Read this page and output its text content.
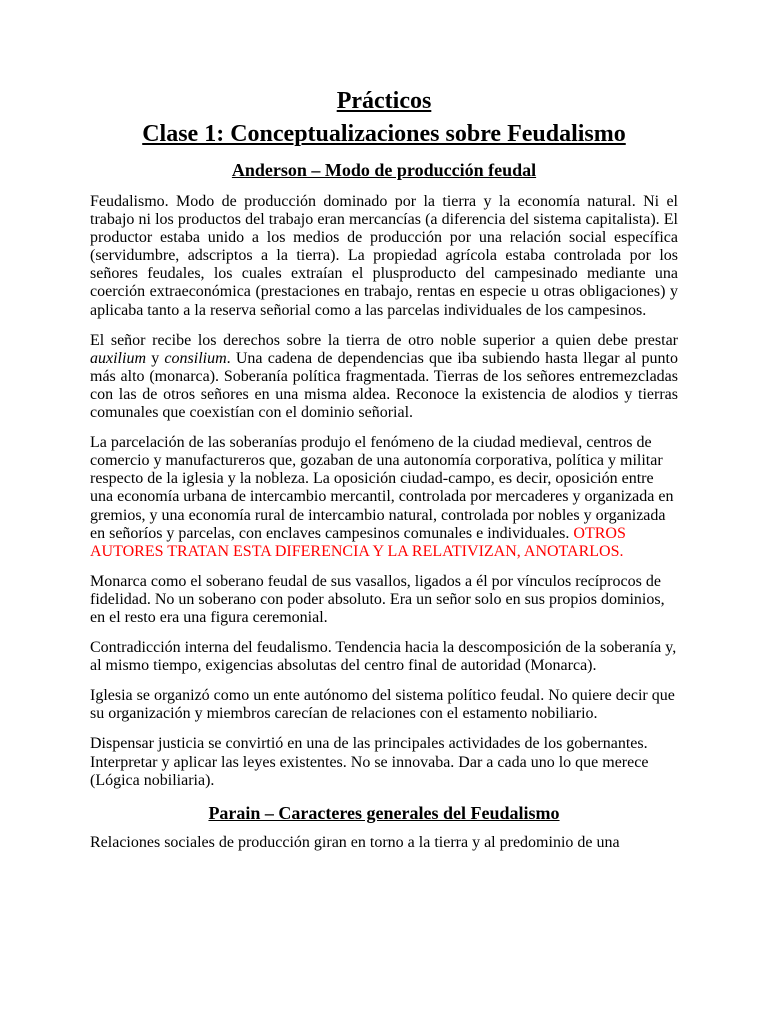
Prácticos
Clase 1: Conceptualizaciones sobre Feudalismo
Anderson – Modo de producción feudal

Feudalismo. Modo de producción dominado por la tierra y la economía natural. Ni el trabajo ni los productos del trabajo eran mercancías (a diferencia del sistema capitalista). El productor estaba unido a los medios de producción por una relación social específica (servidumbre, adscriptos a la tierra). La propiedad agrícola estaba controlada por los señores feudales, los cuales extraían el plusproducto del campesinado mediante una coerción extraeconómica (prestaciones en trabajo, rentas en especie u otras obligaciones) y aplicaba tanto a la reserva señorial como a las parcelas individuales de los campesinos.

El señor recibe los derechos sobre la tierra de otro noble superior a quien debe prestar auxilium y consilium. Una cadena de dependencias que iba subiendo hasta llegar al punto más alto (monarca). Soberanía política fragmentada. Tierras de los señores entremezcladas con las de otros señores en una misma aldea. Reconoce la existencia de alodios y tierras comunales que coexistían con el dominio señorial.

La parcelación de las soberanías produjo el fenómeno de la ciudad medieval, centros de comercio y manufactureros que, gozaban de una autonomía corporativa, política y militar respecto de la iglesia y la nobleza. La oposición ciudad-campo, es decir, oposición entre una economía urbana de intercambio mercantil, controlada por mercaderes y organizada en gremios, y una economía rural de intercambio natural, controlada por nobles y organizada en señoríos y parcelas, con enclaves campesinos comunales e individuales. OTROS AUTORES TRATAN ESTA DIFERENCIA Y LA RELATIVIZAN, ANOTARLOS.

Monarca como el soberano feudal de sus vasallos, ligados a él por vínculos recíprocos de fidelidad. No un soberano con poder absoluto. Era un señor solo en sus propios dominios, en el resto era una figura ceremonial.

Contradicción interna del feudalismo. Tendencia hacia la descomposición de la soberanía y, al mismo tiempo, exigencias absolutas del centro final de autoridad (Monarca).

Iglesia se organizó como un ente autónomo del sistema político feudal. No quiere decir que su organización y miembros carecían de relaciones con el estamento nobiliario.

Dispensar justicia se convirtió en una de las principales actividades de los gobernantes. Interpretar y aplicar las leyes existentes. No se innovaba. Dar a cada uno lo que merece (Lógica nobiliaria).

Parain – Caracteres generales del Feudalismo

Relaciones sociales de producción giran en torno a la tierra y al predominio de una
